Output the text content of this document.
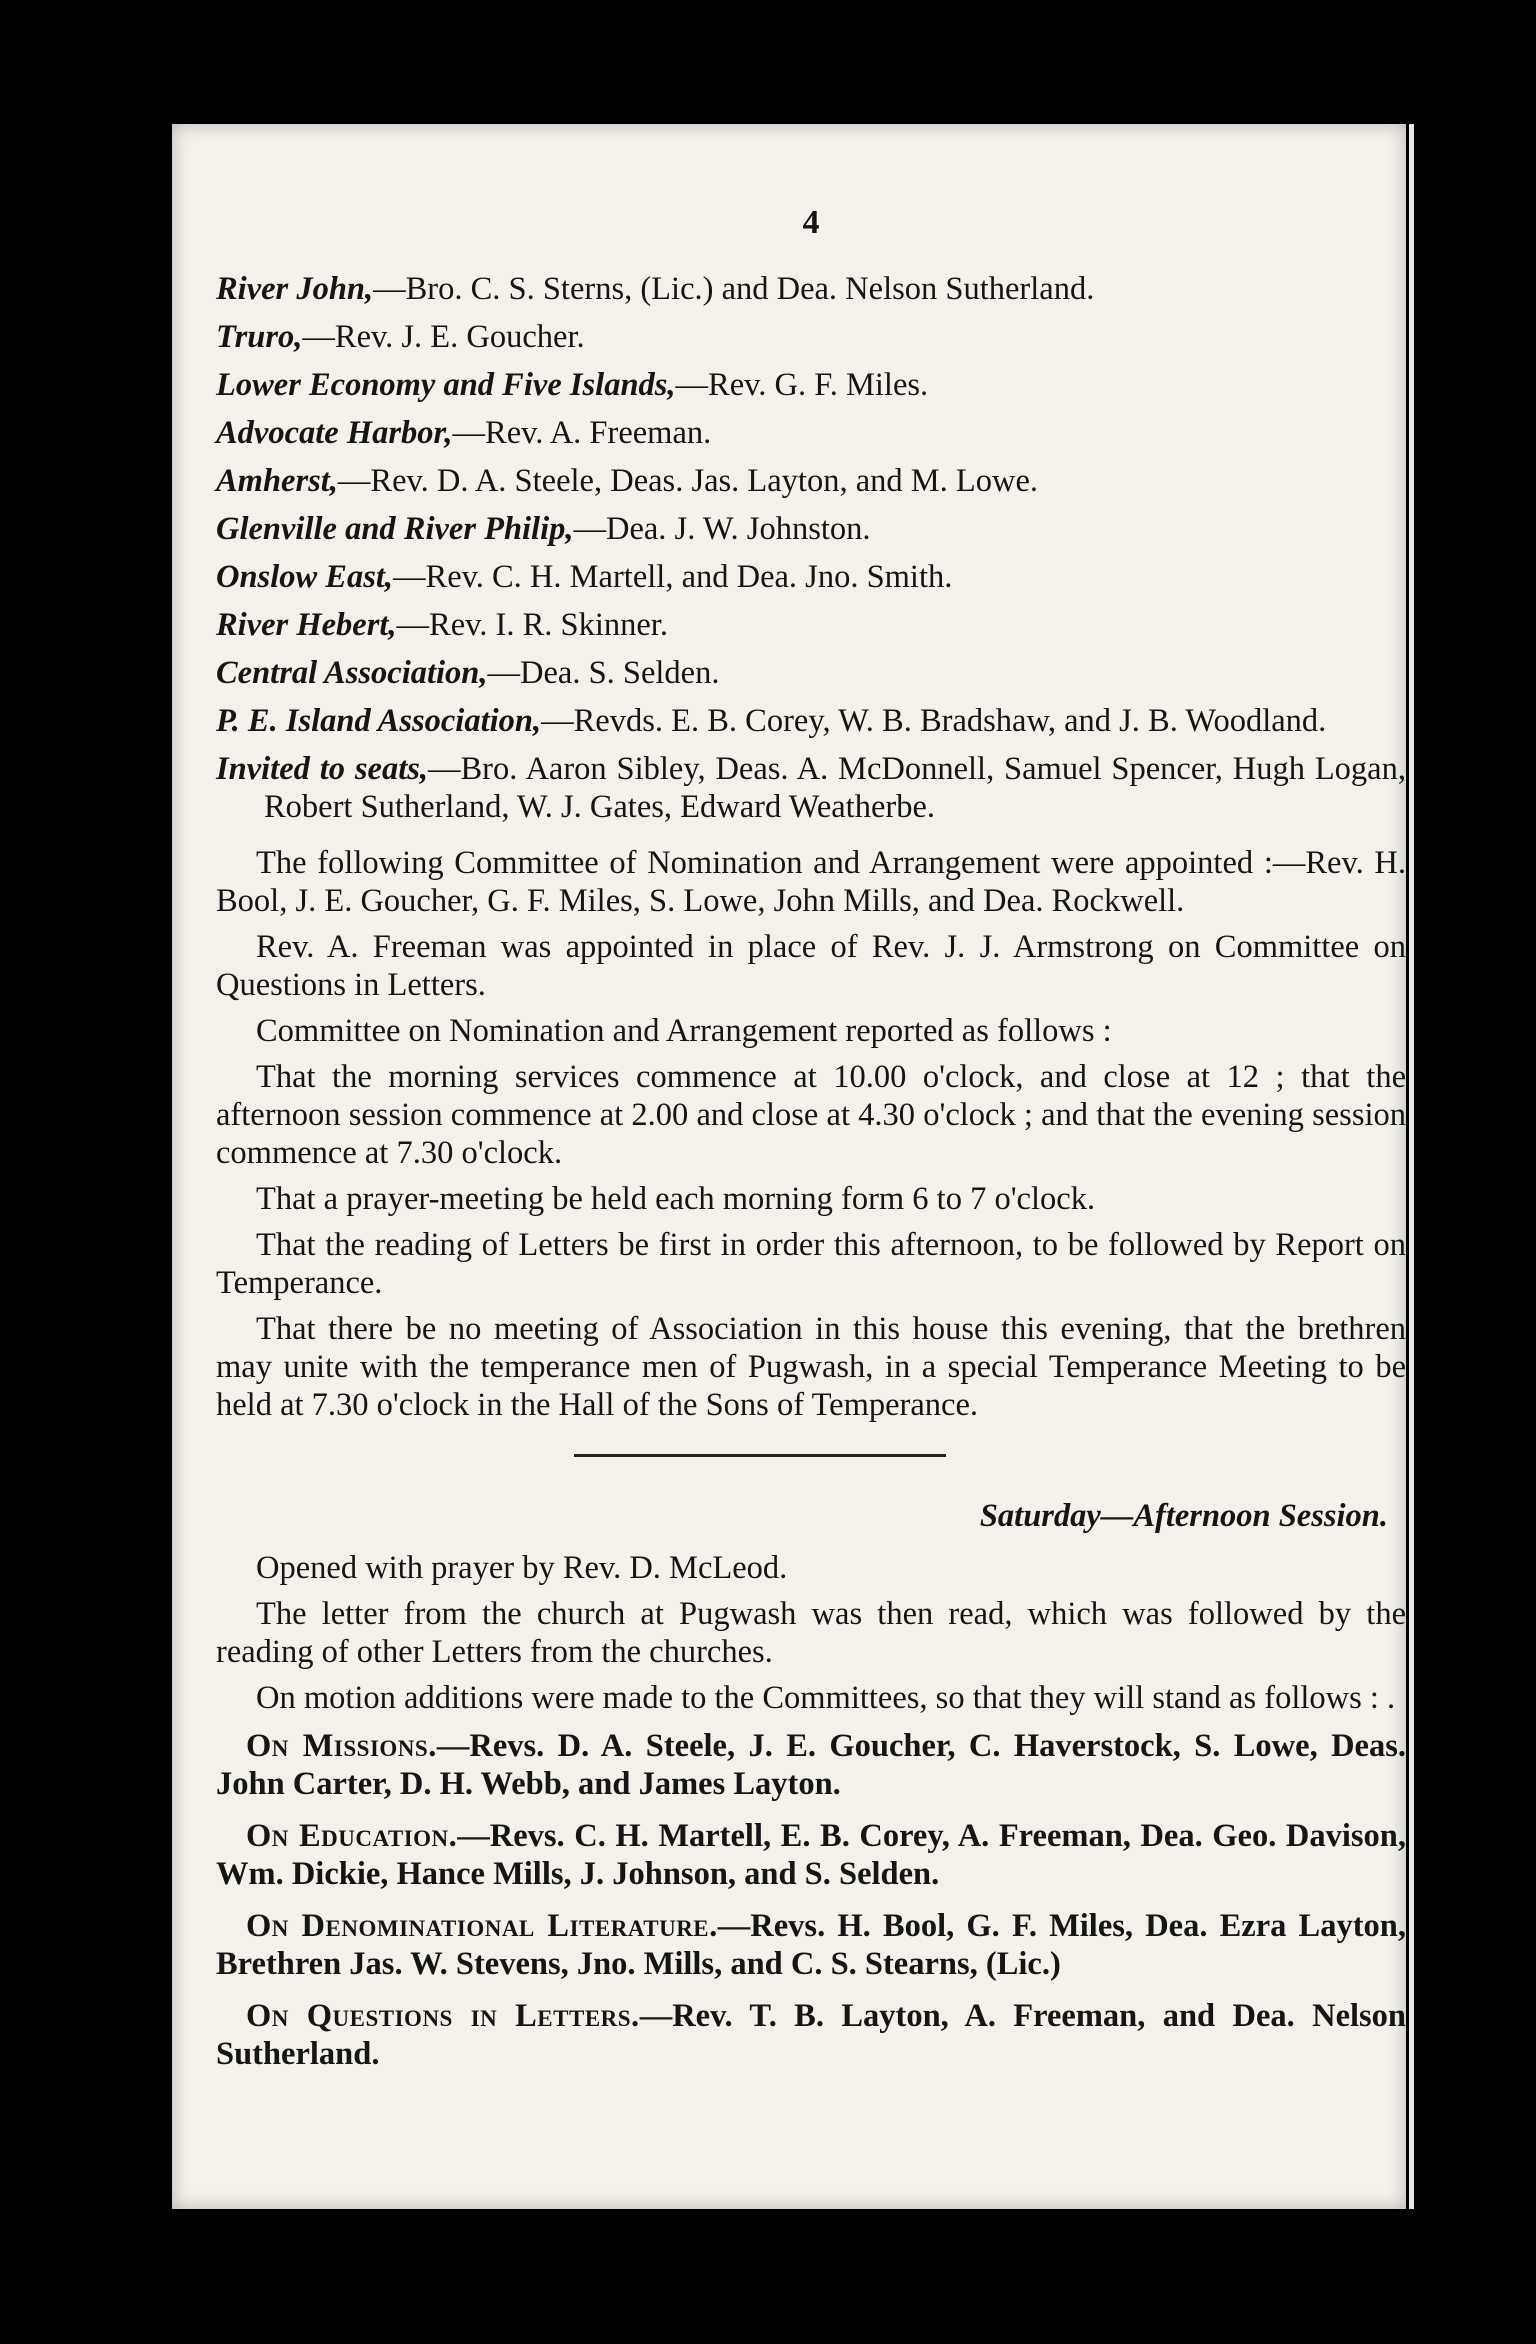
4

River John,—Bro. C. S. Sterns, (Lic.) and Dea. Nelson Sutherland.

Truro,—Rev. J. E. Goucher.

Lower Economy and Five Islands,—Rev. G. F. Miles.

Advocate Harbor,—Rev. A. Freeman.

Amherst,—Rev. D. A. Steele, Deas. Jas. Layton, and M. Lowe.

Glenville and River Philip,—Dea. J. W. Johnston.

Onslow East,—Rev. C. H. Martell, and Dea. Jno. Smith.

River Hebert,—Rev. I. R. Skinner.

Central Association,—Dea. S. Selden.

P. E. Island Association,—Revds. E. B. Corey, W. B. Bradshaw, and J. B. Woodland.

Invited to seats,—Bro. Aaron Sibley, Deas. A. McDonnell, Samuel Spencer, Hugh Logan, Robert Sutherland, W. J. Gates, Edward Weatherbe.

The following Committee of Nomination and Arrangement were appointed :—Rev. H. Bool, J. E. Goucher, G. F. Miles, S. Lowe, John Mills, and Dea. Rockwell.

Rev. A. Freeman was appointed in place of Rev. J. J. Armstrong on Committee on Questions in Letters.

Committee on Nomination and Arrangement reported as follows :

That the morning services commence at 10.00 o'clock, and close at 12 ; that the afternoon session commence at 2.00 and close at 4.30 o'clock ; and that the evening session commence at 7.30 o'clock.

That a prayer-meeting be held each morning form 6 to 7 o'clock.

That the reading of Letters be first in order this afternoon, to be followed by Report on Temperance.

That there be no meeting of Association in this house this evening, that the brethren may unite with the temperance men of Pugwash, in a special Temperance Meeting to be held at 7.30 o'clock in the Hall of the Sons of Temperance.

Saturday—Afternoon Session.

Opened with prayer by Rev. D. McLeod.

The letter from the church at Pugwash was then read, which was followed by the reading of other Letters from the churches.

On motion additions were made to the Committees, so that they will stand as follows : .

On Missions.—Revs. D. A. Steele, J. E. Goucher, C. Haverstock, S. Lowe, Deas. John Carter, D. H. Webb, and James Layton.

On Education.—Revs. C. H. Martell, E. B. Corey, A. Freeman, Dea. Geo. Davison, Wm. Dickie, Hance Mills, J. Johnson, and S. Selden.

On Denominational Literature.—Revs. H. Bool, G. F. Miles, Dea. Ezra Layton, Brethren Jas. W. Stevens, Jno. Mills, and C. S. Stearns, (Lic.)

On Questions in Letters.—Rev. T. B. Layton, A. Freeman, and Dea. Nelson Sutherland.
